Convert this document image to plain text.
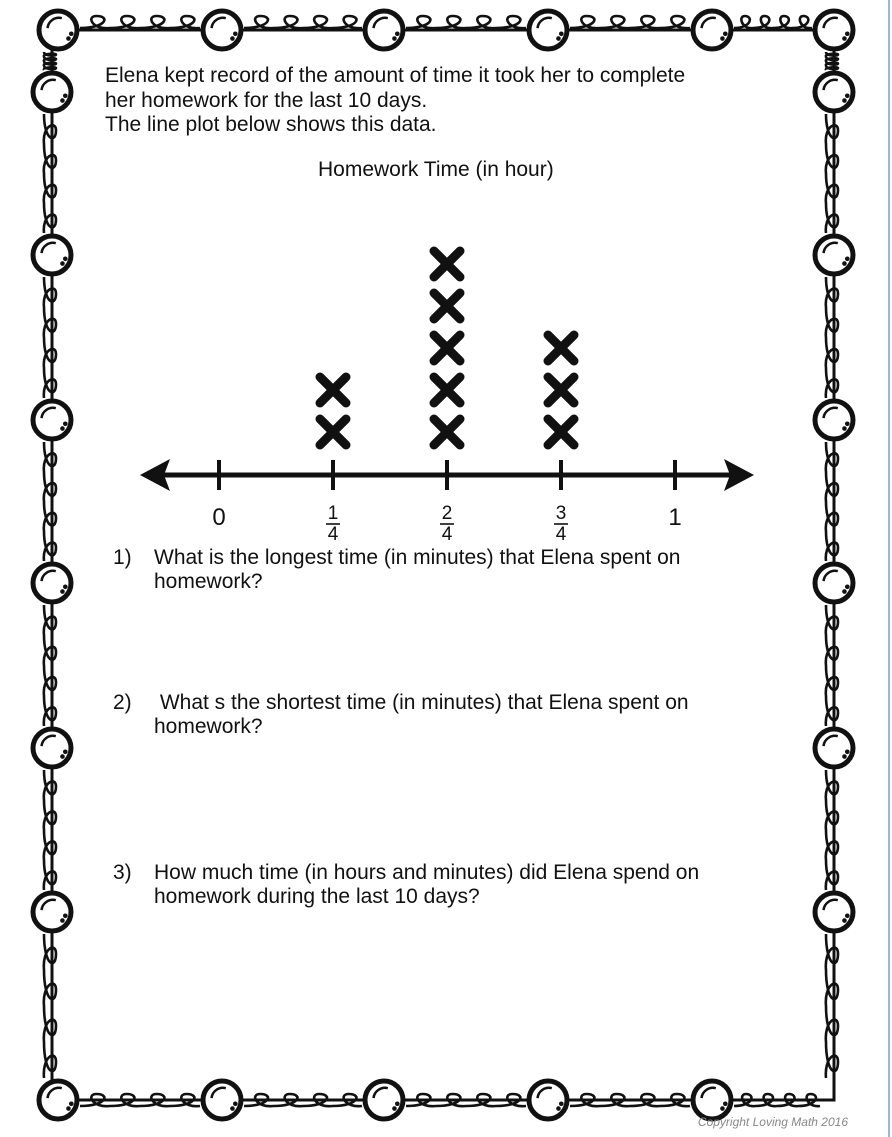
Elena kept record of the amount of time it took her to complete
her homework for the last 10 days.
The line plot below shows this data.
Homework Time (in hour)
0	1
4
2
4
3
4
1
1) What is the longest time (in minutes) that Elena spent on
homework?
2) What s the shortest time (in minutes) that Elena spent on
homework?
3) How much time (in hours and minutes) did Elena spend on
homework during the last 10 days?
Copyright Loving Math 2016
